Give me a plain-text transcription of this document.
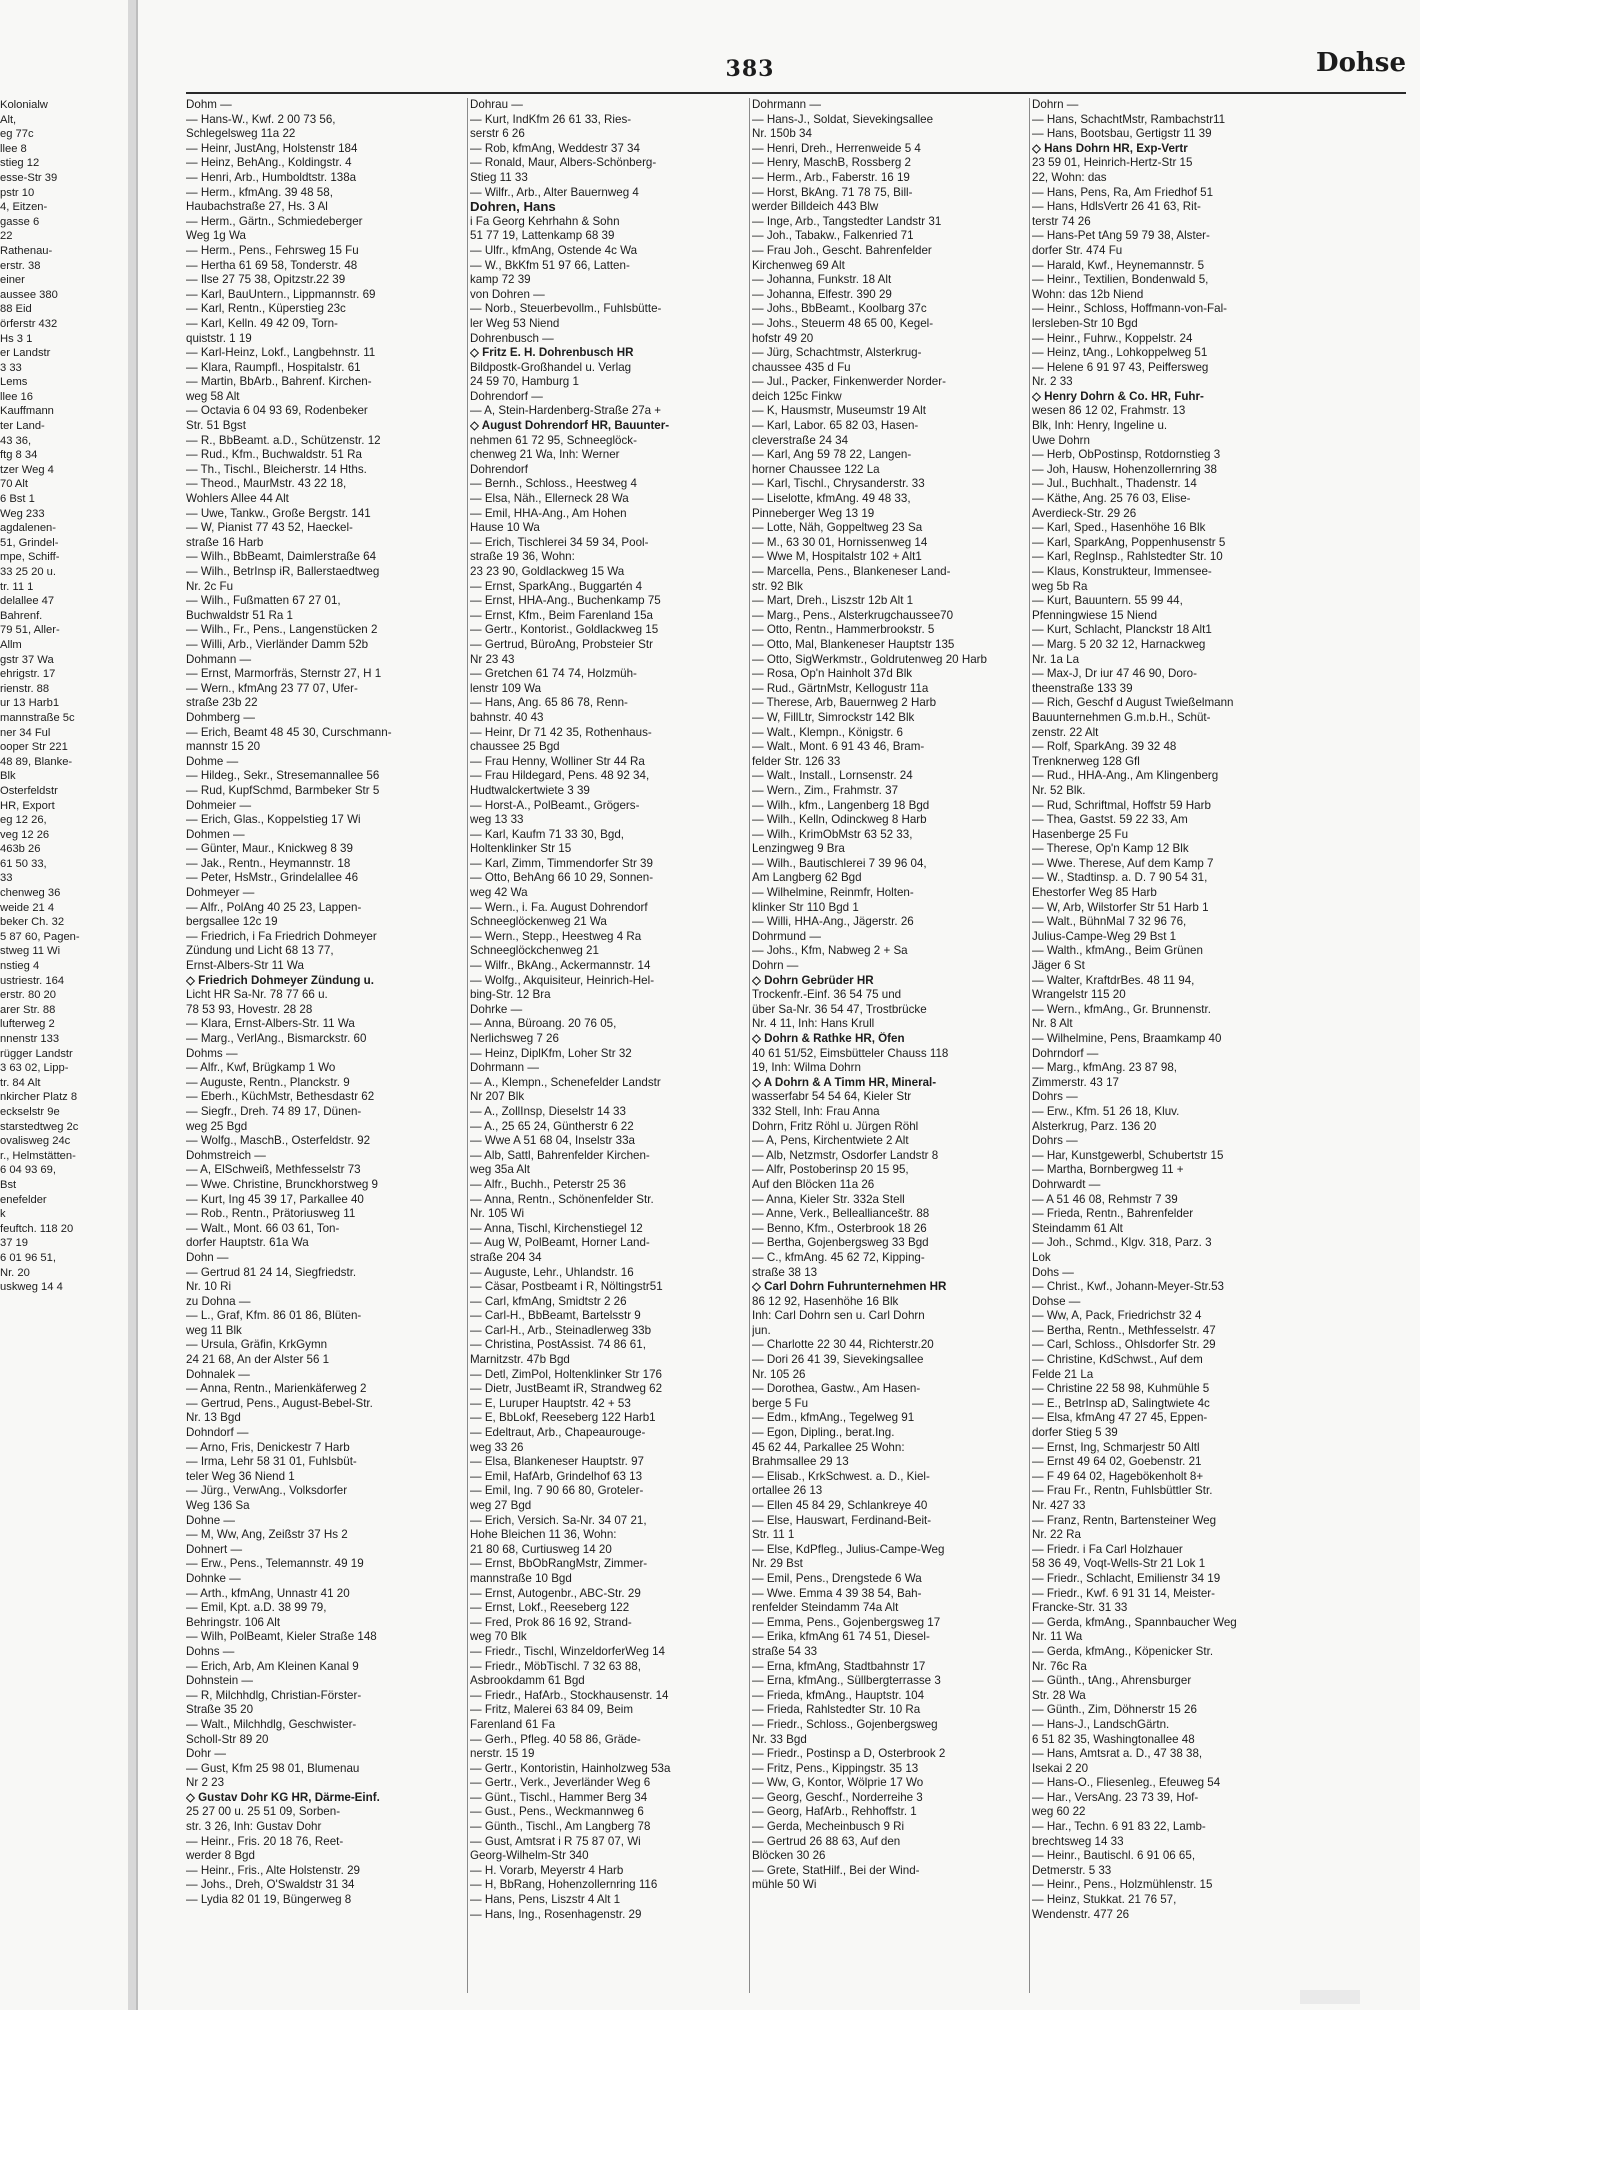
383	Dohse
Kolonialw
Alt,
eg 77c
llee 8
stieg 12
esse-Str 39
pstr 10
4, Eitzen-
gasse 6
22
Rathenau-
erstr. 38
einer
aussee 380
88 Eid
örferstr 432
Hs 3 1
er Landstr
3 33
Lems
llee 16
Kauffmann
ter Land-
43 36,
ftg 8 34
tzer Weg 4
70 Alt
6 Bst 1
Weg 233
agdalenen-
51, Grindel-
mpe, Schiff-
33 25 20 u.
tr. 11 1
delallee 47
Bahrenf.
79 51, Aller-
Allm
gstr 37 Wa
ehrigstr. 17
rienstr. 88
ur 13 Harb1
mannstraße 5c
ner 34 Ful
ooper Str 221
48 89, Blanke-
Blk
Osterfeldstr
HR, Export
eg 12 26,
veg 12 26
463b 26
61 50 33,
33
chenweg 36
weide 21 4
beker Ch. 32
5 87 60, Pagen-
stweg 11 Wi
nstieg 4
ustriestr. 164
erstr. 80 20
arer Str. 88
lufterweg 2
nnenstr 133
rügger Landstr
3 63 02, Lipp-
tr. 84 Alt
nkircher Platz 8
eckselstr 9e
starstedtweg 2c
ovalisweg 24c
r., Helmstätten-
6 04 93 69,
Bst
enefelder
k
feuftch. 118 20
37 19
6 01 96 51,
Nr. 20
uskweg 14 4
Dohm —
— Hans-W., Kwf. 2 00 73 56,
Schlegelsweg 11a 22
— Heinr, JustAng, Holstenstr 184
— Heinz, BehAng., Koldingstr. 4
— Henri, Arb., Humboldtstr. 138a
— Herm., kfmAng. 39 48 58,
Haubachstraße 27, Hs. 3 Al
— Herm., Gärtn., Schmiedeberger
Weg 1g Wa
— Herm., Pens., Fehrsweg 15 Fu
— Hertha 61 69 58, Tonderstr. 48
— Ilse 27 75 38, Opitzstr.22 39
— Karl, BauUntern., Lippmannstr. 69
— Karl, Rentn., Küperstieg 23c
— Karl, Kelln. 49 42 09, Torn-
quiststr. 1 19
— Karl-Heinz, Lokf., Langbehnstr. 11
— Klara, Raumpfl., Hospitalstr. 61
— Martin, BbArb., Bahrenf. Kirchen-
weg 58 Alt
— Octavia 6 04 93 69, Rodenbeker
Str. 51 Bgst
— R., BbBeamt. a.D., Schützenstr. 12
— Rud., Kfm., Buchwaldstr. 51 Ra
— Th., Tischl., Bleicherstr. 14 Hths.
— Theod., MaurMstr. 43 22 18,
Wohlers Allee 44 Alt
— Uwe, Tankw., Große Bergstr. 141
— W, Pianist 77 43 52, Haeckel-
straße 16 Harb
— Wilh., BbBeamt, Daimlerstraße 64
— Wilh., BetrInsp iR, Ballerstaedtweg
Nr. 2c Fu
— Wilh., Fußmatten 67 27 01,
Buchwaldstr 51 Ra 1
— Wilh., Fr., Pens., Langenstücken 2
— Willi, Arb., Vierländer Damm 52b
Dohmann —
— Ernst, Marmorfräs, Sternstr 27, H 1
— Wern., kfmAng 23 77 07, Ufer-
straße 23b 22
Dohmberg —
— Erich, Beamt 48 45 30, Curschmann-
mannstr 15 20
Dohme —
— Hildeg., Sekr., Stresemannallee 56
— Rud, KupfSchmd, Barmbeker Str 5
Dohmeier —
— Erich, Glas., Koppelstieg 17 Wi
Dohmen —
— Günter, Maur., Knickweg 8 39
— Jak., Rentn., Heymannstr. 18
— Peter, HsMstr., Grindelallee 46
Dohmeyer —
— Alfr., PolAng 40 25 23, Lappen-
bergsallee 12c 19
— Friedrich, i Fa Friedrich Dohmeyer
Zündung und Licht 68 13 77,
Ernst-Albers-Str 11 Wa
◇ Friedrich Dohmeyer Zündung u.
Licht HR Sa-Nr. 78 77 66 u.
78 53 93, Hovestr. 28 28
— Klara, Ernst-Albers-Str. 11 Wa
— Marg., VerlAng., Bismarckstr. 60
Dohms —
— Alfr., Kwf, Brügkamp 1 Wo
— Auguste, Rentn., Planckstr. 9
— Eberh., KüchMstr, Bethesdastr 62
— Siegfr., Dreh. 74 89 17, Dünen-
weg 25 Bgd
— Wolfg., MaschB., Osterfeldstr. 92
Dohmstreich —
— A, ElSchweiß, Methfesselstr 73
— Wwe. Christine, Brunckhorstweg 9
— Kurt, Ing 45 39 17, Parkallee 40
— Rob., Rentn., Prätoriusweg 11
— Walt., Mont. 66 03 61, Ton-
dorfer Hauptstr. 61a Wa
Dohn —
— Gertrud 81 24 14, Siegfriedstr.
Nr. 10 Ri
zu Dohna —
— L., Graf, Kfm. 86 01 86, Blüten-
weg 11 Blk
— Ursula, Gräfin, KrkGymn
24 21 68, An der Alster 56 1
Dohnalek —
— Anna, Rentn., Marienkäferweg 2
— Gertrud, Pens., August-Bebel-Str.
Nr. 13 Bgd
Dohndorf —
— Arno, Fris, Denickestr 7 Harb
— Irma, Lehr 58 31 01, Fuhlsbüt-
teler Weg 36 Niend 1
— Jürg., VerwAng., Volksdorfer
Weg 136 Sa
Dohne —
— M, Ww, Ang, Zeißstr 37 Hs 2
Dohnert —
— Erw., Pens., Telemannstr. 49 19
Dohnke —
— Arth., kfmAng, Unnastr 41 20
— Emil, Kpt. a.D. 38 99 79,
Behringstr. 106 Alt
— Wilh, PolBeamt, Kieler Straße 148
Dohns —
— Erich, Arb, Am Kleinen Kanal 9
Dohnstein —
— R, Milchhdlg, Christian-Förster-
Straße 35 20
— Walt., Milchhdlg, Geschwister-
Scholl-Str 89 20
Dohr —
— Gust, Kfm 25 98 01, Blumenau
Nr 2 23
◇ Gustav Dohr KG HR, Därme-Einf.
25 27 00 u. 25 51 09, Sorben-
str. 3 26, Inh: Gustav Dohr
— Heinr., Fris. 20 18 76, Reet-
werder 8 Bgd
— Heinr., Fris., Alte Holstenstr. 29
— Johs., Dreh, O'Swaldstr 31 34
— Lydia 82 01 19, Büngerweg 8
Dohrau —
— Kurt, IndKfm 26 61 33, Ries-
serstr 6 26
— Rob, kfmAng, Weddestr 37 34
— Ronald, Maur, Albers-Schönberg-
Stieg 11 33
— Wilfr., Arb., Alter Bauernweg 4
Dohren, Hans
i Fa Georg Kehrhahn & Sohn
51 77 19, Lattenkamp 68 39
— Ulfr., kfmAng, Ostende 4c Wa
— W., BkKfm 51 97 66, Latten-
kamp 72 39
von Dohren —
— Norb., Steuerbevollm., Fuhlsbütte-
ler Weg 53 Niend
Dohrenbusch —
◇ Fritz E. H. Dohrenbusch HR
Bildpostk-Großhandel u. Verlag
24 59 70, Hamburg 1
Dohrendorf —
— A, Stein-Hardenberg-Straße 27a +
◇ August Dohrendorf HR, Bauunter-
nehmen 61 72 95, Schneeglöck-
chenweg 21 Wa, Inh: Werner
Dohrendorf
— Bernh., Schloss., Heestweg 4
— Elsa, Näh., Ellerneck 28 Wa
— Emil, HHA-Ang., Am Hohen
Hause 10 Wa
— Erich, Tischlerei 34 59 34, Pool-
straße 19 36, Wohn:
23 23 90, Goldlackweg 15 Wa
— Ernst, SparkAng., Buggartén 4
— Ernst, HHA-Ang., Buchenkamp 75
— Ernst, Kfm., Beim Farenland 15a
— Gertr., Kontorist., Goldlackweg 15
— Gertrud, BüroAng, Probsteier Str
Nr 23 43
— Gretchen 61 74 74, Holzmüh-
lenstr 109 Wa
— Hans, Ang. 65 86 78, Renn-
bahnstr. 40 43
— Heinr, Dr 71 42 35, Rothenhaus-
chaussee 25 Bgd
— Frau Henny, Wolliner Str 44 Ra
— Frau Hildegard, Pens. 48 92 34,
Hudtwalckertwiete 3 39
— Horst-A., PolBeamt., Grögers-
weg 13 33
— Karl, Kaufm 71 33 30, Bgd,
Holtenklinker Str 15
— Karl, Zimm, Timmendorfer Str 39
— Otto, BehAng 66 10 29, Sonnen-
weg 42 Wa
— Wern., i. Fa. August Dohrendorf
Schneeglöckenweg 21 Wa
— Wern., Stepp., Heestweg 4 Ra
Schneeglöckchenweg 21
— Wilfr., BkAng., Ackermannstr. 14
— Wolfg., Akquisiteur, Heinrich-Hel-
bing-Str. 12 Bra
Dohrke —
— Anna, Büroang. 20 76 05,
Nerlichsweg 7 26
— Heinz, DiplKfm, Loher Str 32
Dohrmann —
— A., Klempn., Schenefelder Landstr
Nr 207 Blk
— A., ZollInsp, Dieselstr 14 33
— A., 25 65 24, Güntherstr 6 22
— Wwe A 51 68 04, Inselstr 33a
— Alb, Sattl, Bahrenfelder Kirchen-
weg 35a Alt
— Alfr., Buchh., Peterstr 25 36
— Anna, Rentn., Schönenfelder Str.
Nr. 105 Wi
— Anna, Tischl, Kirchenstiegel 12
— Aug W, PolBeamt, Horner Land-
straße 204 34
— Auguste, Lehr., Uhlandstr. 16
— Cäsar, Postbeamt i R, Nöltingstr51
— Carl, kfmAng, Smidtstr 2 26
— Carl-H., BbBeamt, Bartelsstr 9
— Carl-H., Arb., Steinadlerweg 33b
— Christina, PostAssist. 74 86 61,
Marnitzstr. 47b Bgd
— Detl, ZimPol, Holtenklinker Str 176
— Dietr, JustBeamt iR, Strandweg 62
— E, Luruper Hauptstr. 42 + 53
— E, BbLokf, Reeseberg 122 Harb1
— Edeltraut, Arb., Chapeaurouge-
weg 33 26
— Elsa, Blankeneser Hauptstr. 97
— Emil, HafArb, Grindelhof 63 13
— Emil, Ing. 7 90 66 80, Groteler-
weg 27 Bgd
— Erich, Versich. Sa-Nr. 34 07 21,
Hohe Bleichen 11 36, Wohn:
21 80 68, Curtiusweg 14 20
— Ernst, BbObRangMstr, Zimmer-
mannstraße 10 Bgd
— Ernst, Autogenbr., ABC-Str. 29
— Ernst, Lokf., Reeseberg 122
— Fred, Prok 86 16 92, Strand-
weg 70 Blk
— Friedr., Tischl, WinzeldorferWeg 14
— Friedr., MöbTischl. 7 32 63 88,
Asbrookdamm 61 Bgd
— Friedr., HafArb., Stockhausenstr. 14
— Fritz, Malerei 63 84 09, Beim
Farenland 61 Fa
— Gerh., Pfleg. 40 58 86, Gräde-
nerstr. 15 19
— Gertr., Kontoristin, Hainholzweg 53a
— Gertr., Verk., Jeverländer Weg 6
— Günt., Tischl., Hammer Berg 34
— Gust., Pens., Weckmannweg 6
— Günth., Tischl., Am Langberg 78
— Gust, Amtsrat i R 75 87 07, Wi
Georg-Wilhelm-Str 340
— H. Vorarb, Meyerstr 4 Harb
— H, BbRang, Hohenzollernring 116
— Hans, Pens, Liszstr 4 Alt 1
— Hans, Ing., Rosenhagenstr. 29
Dohrmann —
— Hans-J., Soldat, Sievekingsallee
Nr. 150b 34
— Henri, Dreh., Herrenweide 5 4
— Henry, MaschB, Rossberg 2
— Herm., Arb., Faberstr. 16 19
— Horst, BkAng. 71 78 75, Bill-
werder Billdeich 443 Blw
— Inge, Arb., Tangstedter Landstr 31
— Joh., Tabakw., Falkenried 71
— Frau Joh., Gescht. Bahrenfelder
Kirchenweg 69 Alt
— Johanna, Funkstr. 18 Alt
— Johanna, Elfestr. 390 29
— Johs., BbBeamt., Koolbarg 37c
— Johs., Steuerm 48 65 00, Kegel-
hofstr 49 20
— Jürg, Schachtmstr, Alsterkrug-
chaussee 435 d Fu
— Jul., Packer, Finkenwerder Norder-
deich 125c Finkw
— K, Hausmstr, Museumstr 19 Alt
— Karl, Labor. 65 82 03, Hasen-
cleverstraße 24 34
— Karl, Ang 59 78 22, Langen-
horner Chaussee 122 La
— Karl, Tischl., Chrysanderstr. 33
— Liselotte, kfmAng. 49 48 33,
Pinneberger Weg 13 19
— Lotte, Näh, Goppeltweg 23 Sa
— M., 63 30 01, Hornissenweg 14
— Wwe M, Hospitalstr 102 + Alt1
— Marcella, Pens., Blankeneser Land-
str. 92 Blk
— Mart, Dreh., Liszstr 12b Alt 1
— Marg., Pens., Alsterkrugchaussee70
— Otto, Rentn., Hammerbrookstr. 5
— Otto, Mal, Blankeneser Hauptstr 135
— Otto, SigWerkmstr., Goldrutenweg 20 Harb
— Rosa, Op'n Hainholt 37d Blk
— Rud., GärtnMstr, Kellogustr 11a
— Therese, Arb, Bauernweg 2 Harb
— W, FillLtr, Simrockstr 142 Blk
— Walt., Klempn., Königstr. 6
— Walt., Mont. 6 91 43 46, Bram-
felder Str. 126 33
— Walt., Install., Lornsenstr. 24
— Wern., Zim., Frahmstr. 37
— Wilh., kfm., Langenberg 18 Bgd
— Wilh., Kelln, Odinckweg 8 Harb
— Wilh., KrimObMstr 63 52 33,
Lenzingweg 9 Bra
— Wilh., Bautischlerei 7 39 96 04,
Am Langberg 62 Bgd
— Wilhelmine, Reinmfr, Holten-
klinker Str 110 Bgd 1
— Willi, HHA-Ang., Jägerstr. 26
Dohrmund —
— Johs., Kfm, Nabweg 2 + Sa
Dohrn —
◇ Dohrn Gebrüder HR
Trockenfr.-Einf. 36 54 75 und
über Sa-Nr. 36 54 47, Trostbrücke
Nr. 4 11, Inh: Hans Krull
◇ Dohrn & Rathke HR, Öfen
40 61 51/52, Eimsbütteler Chauss 118
19, Inh: Wilma Dohrn
◇ A Dohrn & A Timm HR, Mineral-
wasserfabr 54 54 64, Kieler Str
332 Stell, Inh: Frau Anna
Dohrn, Fritz Röhl u. Jürgen Röhl
— A, Pens, Kirchentwiete 2 Alt
— Alb, Netzmstr, Osdorfer Landstr 8
— Alfr, Postoberinsp 20 15 95,
Auf den Blöcken 11a 26
— Anna, Kieler Str. 332a Stell
— Anne, Verk., Belleallianceštr. 88
— Benno, Kfm., Osterbrook 18 26
— Bertha, Gojenbergsweg 33 Bgd
— C., kfmAng. 45 62 72, Kipping-
straße 38 13
◇ Carl Dohrn Fuhrunternehmen HR
86 12 92, Hasenhöhe 16 Blk
Inh: Carl Dohrn sen u. Carl Dohrn
jun.
— Charlotte 22 30 44, Richterstr.20
— Dori 26 41 39, Sievekingsallee
Nr. 105 26
— Dorothea, Gastw., Am Hasen-
berge 5 Fu
— Edm., kfmAng., Tegelweg 91
— Egon, Dipling., berat.Ing.
45 62 44, Parkallee 25 Wohn:
Brahmsallee 29 13
— Elisab., KrkSchwest. a. D., Kiel-
ortallee 26 13
— Ellen 45 84 29, Schlankreye 40
— Else, Hauswart, Ferdinand-Beit-
Str. 11 1
— Else, KdPfleg., Julius-Campe-Weg
Nr. 29 Bst
— Emil, Pens., Drengstede 6 Wa
— Wwe. Emma 4 39 38 54, Bah-
renfelder Steindamm 74a Alt
— Emma, Pens., Gojenbergsweg 17
— Erika, kfmAng 61 74 51, Diesel-
straße 54 33
— Erna, kfmAng, Stadtbahnstr 17
— Erna, kfmAng., Süllbergterrasse 3
— Frieda, kfmAng., Hauptstr. 104
— Frieda, Rahlstedter Str. 10 Ra
— Friedr., Schloss., Gojenbergsweg
Nr. 33 Bgd
— Friedr., Postinsp a D, Osterbrook 2
— Fritz, Pens., Kippingstr. 35 13
— Ww, G, Kontor, Wölprie 17 Wo
— Georg, Geschf., Norderreihe 3
— Georg, HafArb., Rehhoffstr. 1
— Gerda, Mecheinbusch 9 Ri
— Gertrud 26 88 63, Auf den
Blöcken 30 26
— Grete, StatHilf., Bei der Wind-
mühle 50 Wi
Dohrn —
— Hans, SchachtMstr, Rambachstr11
— Hans, Bootsbau, Gertigstr 11 39
◇ Hans Dohrn HR, Exp-Vertr
23 59 01, Heinrich-Hertz-Str 15
22, Wohn: das
— Hans, Pens, Ra, Am Friedhof 51
— Hans, HdlsVertr 26 41 63, Rit-
terstr 74 26
— Hans-Pet tAng 59 79 38, Alster-
dorfer Str. 474 Fu
— Harald, Kwf., Heynemannstr. 5
— Heinr., Textilien, Bondenwald 5,
Wohn: das 12b Niend
— Heinr., Schloss, Hoffmann-von-Fal-
lersleben-Str 10 Bgd
— Heinr., Fuhrw., Koppelstr. 24
— Heinz, tAng., Lohkoppelweg 51
— Helene 6 91 97 43, Peiffersweg
Nr. 2 33
◇ Henry Dohrn & Co. HR, Fuhr-
wesen 86 12 02, Frahmstr. 13
Blk, Inh: Henry, Ingeline u.
Uwe Dohrn
— Herb, ObPostinsp, Rotdornstieg 3
— Joh, Hausw, Hohenzollernring 38
— Jul., Buchhalt., Thadenstr. 14
— Käthe, Ang. 25 76 03, Elise-
Averdieck-Str. 29 26
— Karl, Sped., Hasenhöhe 16 Blk
— Karl, SparkAng, Poppenhusenstr 5
— Karl, RegInsp., Rahlstedter Str. 10
— Klaus, Konstrukteur, Immensee-
weg 5b Ra
— Kurt, Bauuntern. 55 99 44,
Pfenningwiese 15 Niend
— Kurt, Schlacht, Planckstr 18 Alt1
— Marg. 5 20 32 12, Harnackweg
Nr. 1a La
— Max-J, Dr iur 47 46 90, Doro-
theenstraße 133 39
— Rich, Geschf d August Twießelmann
Bauunternehmen G.m.b.H., Schüt-
zenstr. 22 Alt
— Rolf, SparkAng. 39 32 48
Trenknerweg 128 Gfl
— Rud., HHA-Ang., Am Klingenberg
Nr. 52 Blk.
— Rud, Schriftmal, Hoffstr 59 Harb
— Thea, Gastst. 59 22 33, Am
Hasenberge 25 Fu
— Therese, Op'n Kamp 12 Blk
— Wwe. Therese, Auf dem Kamp 7
— W., Stadtinsp. a. D. 7 90 54 31,
Ehestorfer Weg 85 Harb
— W, Arb, Wilstorfer Str 51 Harb 1
— Walt., BühnMal 7 32 96 76,
Julius-Campe-Weg 29 Bst 1
— Walth., kfmAng., Beim Grünen
Jäger 6 St
— Walter, KraftdrBes. 48 11 94,
Wrangelstr 115 20
— Wern., kfmAng., Gr. Brunnenstr.
Nr. 8 Alt
— Wilhelmine, Pens, Braamkamp 40
Dohrndorf —
— Marg., kfmAng. 23 87 98,
Zimmerstr. 43 17
Dohrs —
— Erw., Kfm. 51 26 18, Kluv.
Alsterkrug, Parz. 136 20
Dohrs —
— Har, Kunstgewerbl, Schubertstr 15
— Martha, Bornbergweg 11 +
Dohrwardt —
— A 51 46 08, Rehmstr 7 39
— Frieda, Rentn., Bahrenfelder
Steindamm 61 Alt
— Joh., Schmd., Klgv. 318, Parz. 3
Lok
Dohs —
— Christ., Kwf., Johann-Meyer-Str.53
Dohse —
— Ww, A, Pack, Friedrichstr 32 4
— Bertha, Rentn., Methfesselstr. 47
— Carl, Schloss., Ohlsdorfer Str. 29
— Christine, KdSchwst., Auf dem
Felde 21 La
— Christine 22 58 98, Kuhmühle 5
— E., BetrInsp aD, Salingtwiete 4c
— Elsa, kfmAng 47 27 45, Eppen-
dorfer Stieg 5 39
— Ernst, Ing, Schmarjestr 50 Altl
— Ernst 49 64 02, Goebenstr. 21
— F 49 64 02, Hagebökenholt 8+
— Frau Fr., Rentn, Fuhlsbüttler Str.
Nr. 427 33
— Franz, Rentn, Bartensteiner Weg
Nr. 22 Ra
— Friedr. i Fa Carl Holzhauer
58 36 49, Voqt-Wells-Str 21 Lok 1
— Friedr., Schlacht, Emilienstr 34 19
— Friedr., Kwf. 6 91 31 14, Meister-
Francke-Str. 31 33
— Gerda, kfmAng., Spannbaucher Weg
Nr. 11 Wa
— Gerda, kfmAng., Köpenicker Str.
Nr. 76c Ra
— Günth., tAng., Ahrensburger
Str. 28 Wa
— Günth., Zim, Döhnerstr 15 26
— Hans-J., LandschGärtn.
6 51 82 35, Washingtonallee 48
— Hans, Amtsrat a. D., 47 38 38,
Isekai 2 20
— Hans-O., Fliesenleg., Efeuweg 54
— Har., VersAng. 23 73 39, Hof-
weg 60 22
— Har., Techn. 6 91 83 22, Lamb-
brechtsweg 14 33
— Heinr., Bautischl. 6 91 06 65,
Detmerstr. 5 33
— Heinr., Pens., Holzmühlenstr. 15
— Heinz, Stukkat. 21 76 57,
Wendenstr. 477 26
